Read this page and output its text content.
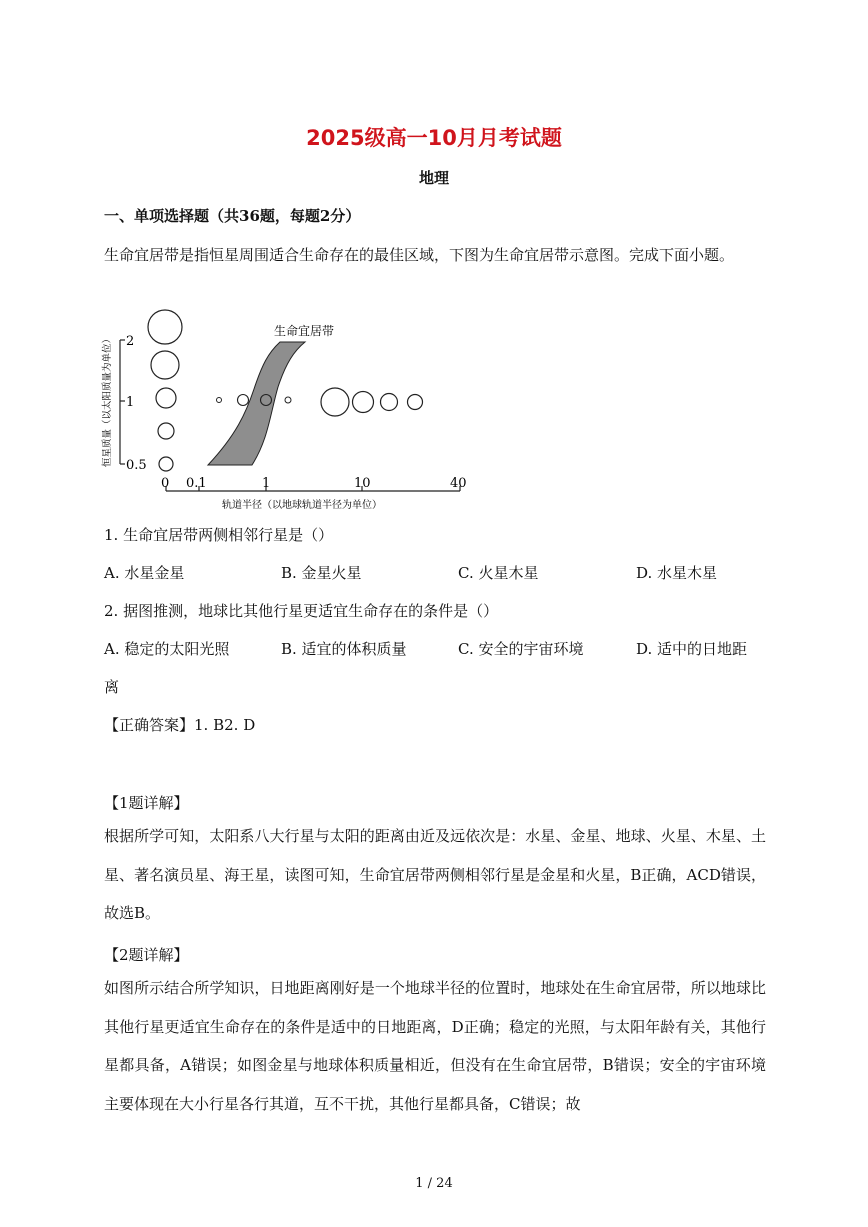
2025级高一10月月考试题
地理
一、单项选择题（共36题，每题2分）
生命宜居带是指恒星周围适合生命存在的最佳区域，下图为生命宜居带示意图。完成下面小题。
2
1
0.5
恒星质量（以太阳质量为单位）
生命宜居带
0 0.1	1	10	40
轨道半径（以地球轨道半径为单位）
1. 生命宜居带两侧相邻行星是（）
A. 水星金星	B. 金星火星	C. 火星木星	D. 水星木星
2. 据图推测，地球比其他行星更适宜生命存在的条件是（）
A. 稳定的太阳光照	B. 适宜的体积质量	C. 安全的宇宙环境	D. 适中的日地距
离
【正确答案】1. B2. D
【1题详解】
根据所学可知，太阳系八大行星与太阳的距离由近及远依次是：水星、金星、地球、火星、木星、土星、著名演员星、海王星，读图可知，生命宜居带两侧相邻行星是金星和火星，B正确，ACD错误，故选B。
【2题详解】
如图所示结合所学知识，日地距离刚好是一个地球半径的位置时，地球处在生命宜居带，所以地球比其他行星更适宜生命存在的条件是适中的日地距离，D正确；稳定的光照，与太阳年龄有关，其他行星都具备，A错误；如图金星与地球体积质量相近，但没有在生命宜居带，B错误；安全的宇宙环境主要体现在大小行星各行其道，互不干扰，其他行星都具备，C错误；故
1 / 24
